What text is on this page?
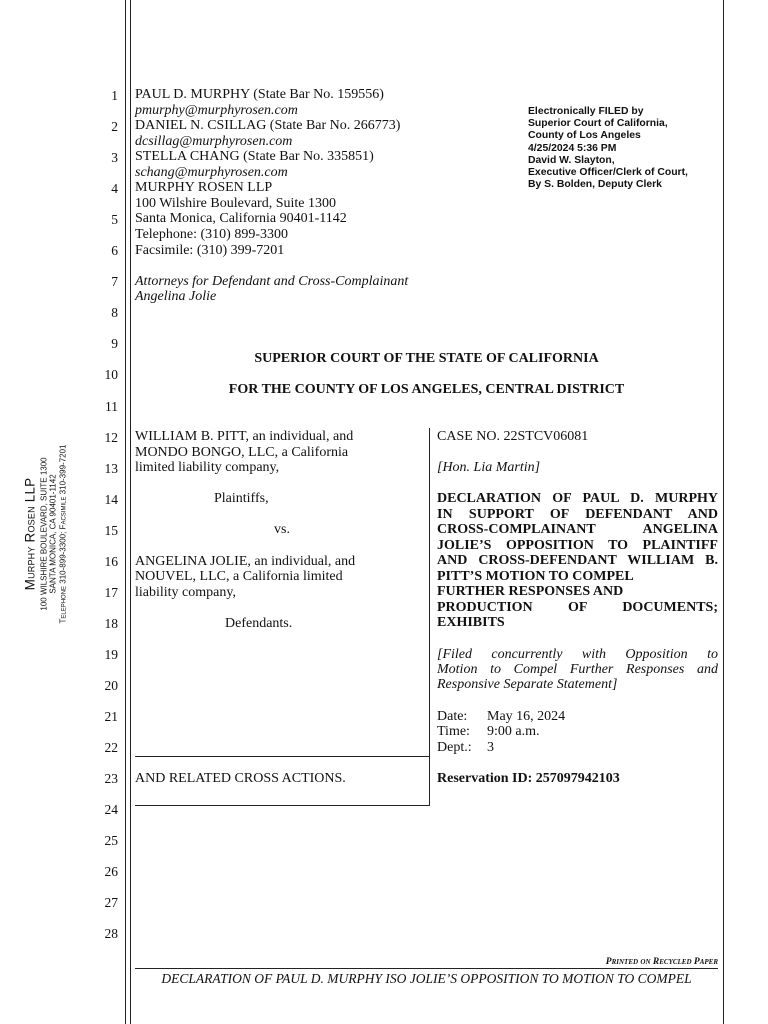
1
2
3
4
5
6
7
8
9
10
11
12
13
14
15
16
17
18
19
20
21
22
23
24
25
26
27
28
Murphy Rosen LLP 100 WILSHIRE BOULEVARD, SUITE 1300 SANTA MONICA, CA 90401-1142 Telephone 310-899-3300; Facsimile 310-399-7201
PAUL D. MURPHY (State Bar No. 159556)
pmurphy@murphyrosen.com
DANIEL N. CSILLAG (State Bar No. 266773)
dcsillag@murphyrosen.com
STELLA CHANG (State Bar No. 335851)
schang@murphyrosen.com
MURPHY ROSEN LLP
100 Wilshire Boulevard, Suite 1300
Santa Monica, California 90401-1142
Telephone: (310) 899-3300
Facsimile: (310) 399-7201
Attorneys for Defendant and Cross-Complainant
Angelina Jolie
Electronically FILED by
Superior Court of California,
County of Los Angeles
4/25/2024 5:36 PM
David W. Slayton,
Executive Officer/Clerk of Court,
By S. Bolden, Deputy Clerk
SUPERIOR COURT OF THE STATE OF CALIFORNIA
FOR THE COUNTY OF LOS ANGELES, CENTRAL DISTRICT
WILLIAM B. PITT, an individual, and
MONDO BONGO, LLC, a California
limited liability company,
Plaintiffs,
vs.
ANGELINA JOLIE, an individual, and
NOUVEL, LLC, a California limited
liability company,
Defendants.
AND RELATED CROSS ACTIONS.
CASE NO. 22STCV06081
[Hon. Lia Martin]
DECLARATION OF PAUL D. MURPHY
IN SUPPORT OF DEFENDANT AND
CROSS-COMPLAINANT ANGELINA
JOLIE’S OPPOSITION TO PLAINTIFF
AND CROSS-DEFENDANT WILLIAM B.
PITT’S MOTION TO COMPEL
FURTHER RESPONSES AND
PRODUCTION OF DOCUMENTS;
EXHIBITS
[Filed concurrently with Opposition to
Motion to Compel Further Responses and
Responsive Separate Statement]
Date: May 16, 2024
Time: 9:00 a.m.
Dept.: 3
Reservation ID: 257097942103
Printed on Recycled Paper
DECLARATION OF PAUL D. MURPHY ISO JOLIE’S OPPOSITION TO MOTION TO COMPEL
